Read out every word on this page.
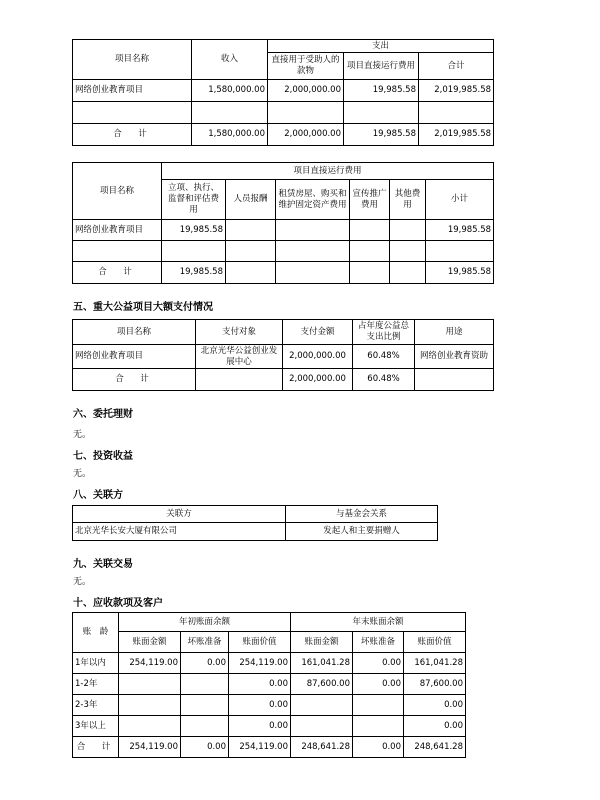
项目名称	收入	支出		
		直接用于受助人的款物	项目直接运行费用	合计
网络创业教育项目	1,580,000.00	2,000,000.00	19,985.58	2,019,985.58

合　计	1,580,000.00	2,000,000.00	19,985.58	2,019,985.58
项目名称	项目直接运行费用					
	立项、执行、监督和评估费用	人员报酬	租赁房屋、购买和维护固定资产费用	宣传推广费用	其他费用	小计
网络创业教育项目	19,985.58					19,985.58

合　计	19,985.58					19,985.58
五、重大公益项目大额支付情况
项目名称	支付对象	支付金额	占年度公益总支出比例	用途
网络创业教育项目	北京光华公益创业发展中心	2,000,000.00	60.48%	网络创业教育资助
合　计		2,000,000.00	60.48%	
六、委托理财
无。
七、投资收益
无。
八、关联方
关联方	与基金会关系
北京光华长安大厦有限公司	发起人和主要捐赠人
九、关联交易
无。
十、应收款项及客户
账　龄	年初账面余额			年末账面余额		
	账面金额	坏账准备	账面价值	账面金额	坏账准备	账面价值
1年以内	254,119.00	0.00	254,119.00	161,041.28	0.00	161,041.28
1-2年			0.00	87,600.00	0.00	87,600.00
2-3年			0.00			0.00
3年以上			0.00			0.00
合　计	254,119.00	0.00	254,119.00	248,641.28	0.00	248,641.28
